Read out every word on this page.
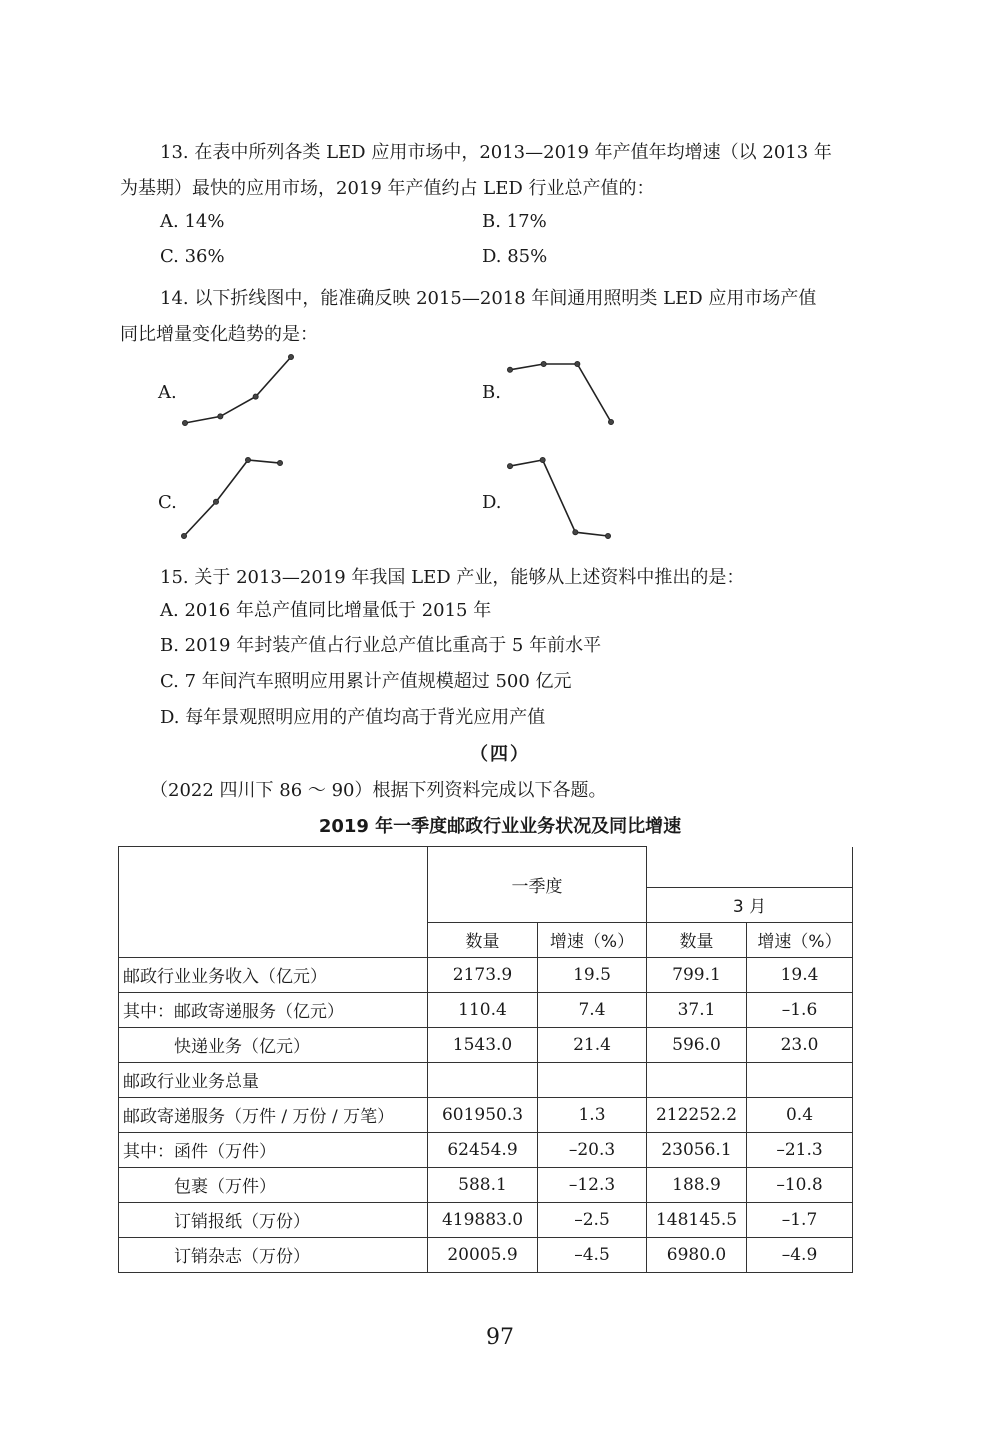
13. 在表中所列各类 LED 应用市场中，2013—2019 年产值年均增速（以 2013 年
为基期）最快的应用市场，2019 年产值约占 LED 行业总产值的：
A. 14%	B. 17%
C. 36%	D. 85%
14. 以下折线图中，能准确反映 2015—2018 年间通用照明类 LED 应用市场产值
同比增量变化趋势的是：
A.	B.
C.	D.
15. 关于 2013—2019 年我国 LED 产业，能够从上述资料中推出的是：
A. 2016 年总产值同比增量低于 2015 年
B. 2019 年封装产值占行业总产值比重高于 5 年前水平
C. 7 年间汽车照明应用累计产值规模超过 500 亿元
D. 每年景观照明应用的产值均高于背光应用产值
（四）
（2022 四川下 86 ～ 90）根据下列资料完成以下各题。
2019 年一季度邮政行业业务状况及同比增速
	一季度			
			3 月	
	数量	增速（%）	数量	增速（%）
邮政行业业务收入（亿元）	2173.9	19.5	799.1	19.4
其中：邮政寄递服务（亿元）	110.4	7.4	37.1	–1.6
快递业务（亿元）	1543.0	21.4	596.0	23.0
邮政行业业务总量				
邮政寄递服务（万件 / 万份 / 万笔）	601950.3	1.3	212252.2	0.4
其中：函件（万件）	62454.9	–20.3	23056.1	–21.3
包裹（万件）	588.1	–12.3	188.9	–10.8
订销报纸（万份）	419883.0	–2.5	148145.5	–1.7
订销杂志（万份）	20005.9	–4.5	6980.0	–4.9
97
